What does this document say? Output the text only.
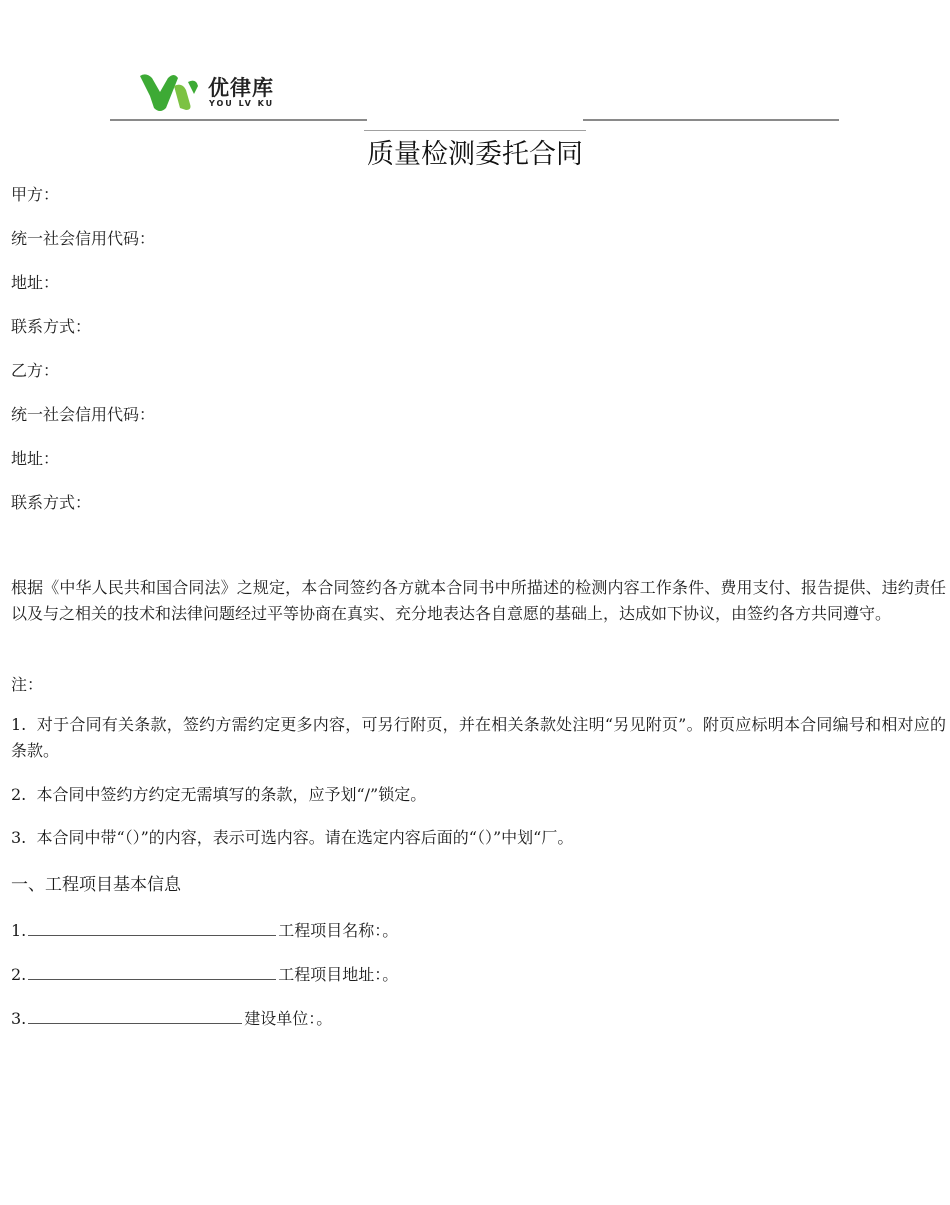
优律库
YOU LV KU
质量检测委托合同
甲方：
统一社会信用代码：
地址：
联系方式：
乙方：
统一社会信用代码：
地址：
联系方式：
根据《中华人民共和国合同法》之规定，本合同签约各方就本合同书中所描述的检测内容工作条件、费用支付、报告提供、违约责任以及与之相关的技术和法律问题经过平等协商在真实、充分地表达各自意愿的基础上，达成如下协议，由签约各方共同遵守。
注：
1. 对于合同有关条款，签约方需约定更多内容，可另行附页，并在相关条款处注明“另见附页”。附页应标明本合同编号和相对应的条款。
2. 本合同中签约方约定无需填写的条款，应予划“/”锁定。
3. 本合同中带“（）”的内容，表示可选内容。请在选定内容后面的“（）”中划“厂。
一、工程项目基本信息
1.	工程项目名称：。
2.	工程项目地址：。
3.	建设单位：。
